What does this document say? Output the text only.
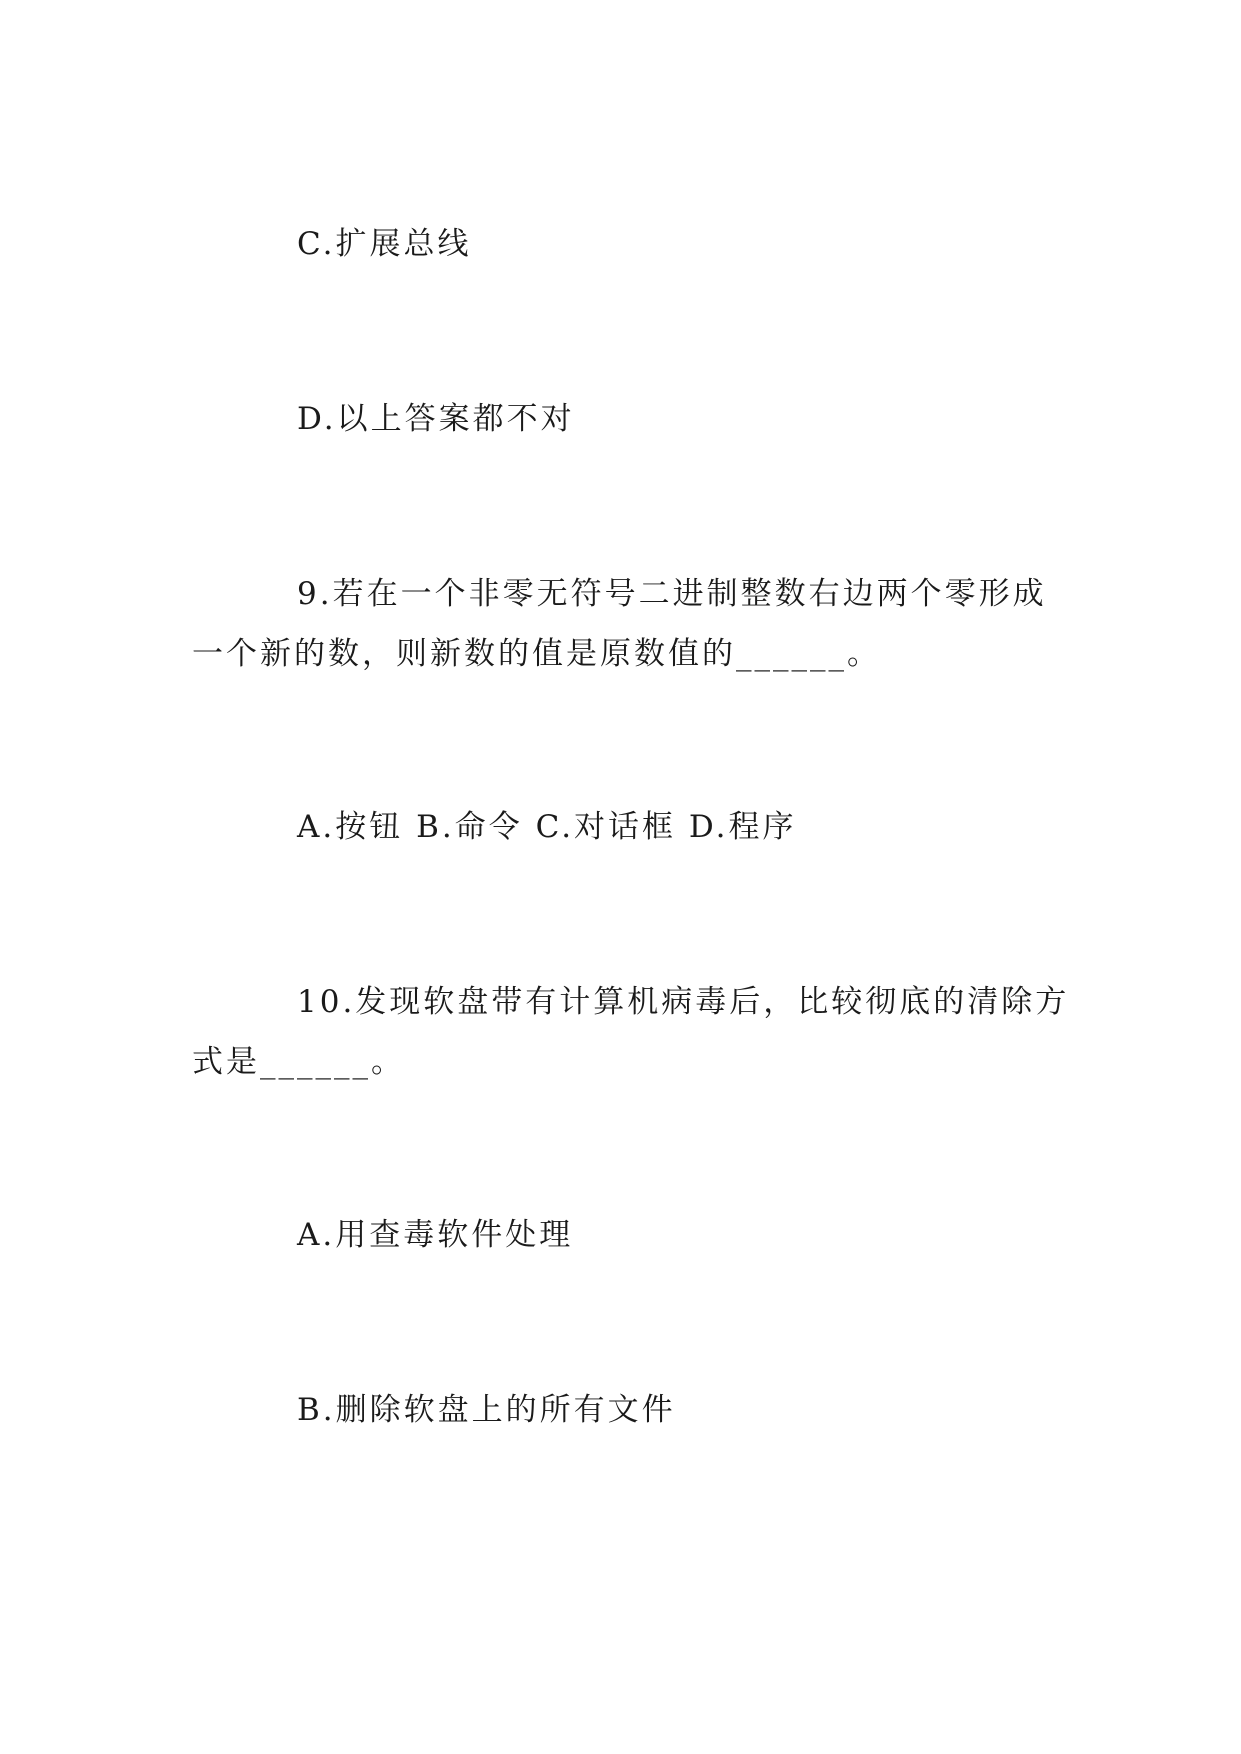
C.扩展总线
D.以上答案都不对
9.若在一个非零无符号二进制整数右边两个零形成
一个新的数，则新数的值是原数值的______。
A.按钮 B.命令 C.对话框 D.程序
10.发现软盘带有计算机病毒后，比较彻底的清除方
式是______。
A.用查毒软件处理
B.删除软盘上的所有文件
